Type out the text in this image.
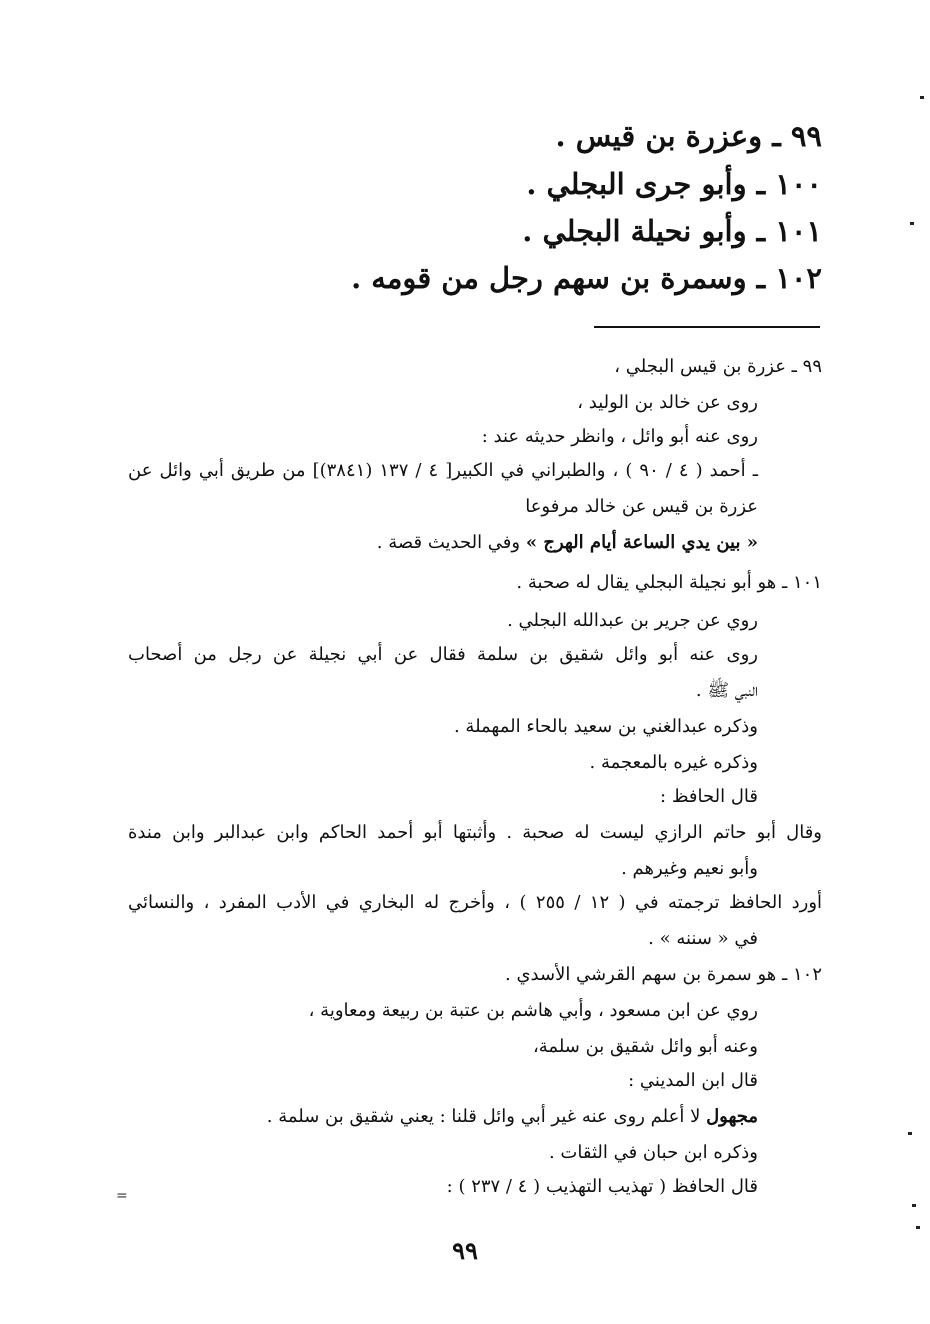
٩٩ ـ وعزرة بن قيس .
١٠٠ ـ وأبو جرى البجلي .
١٠١ ـ وأبو نحيلة البجلي .
١٠٢ ـ وسمرة بن سهم رجل من قومه .
٩٩ ـ عزرة بن قيس البجلي ،
روى عن خالد بن الوليد ،
روى عنه أبو وائل ، وانظر حديثه عند :
ـ أحمد ( ٤ / ٩٠ ) ، والطبراني في الكبير[ ٤ / ١٣٧ (٣٨٤١)] من طريق أبي وائل عن
عزرة بن قيس عن خالد مرفوعا
« بين يدي الساعة أيام الهرج » وفي الحديث قصة .
١٠١ ـ هو أبو نجيلة البجلي يقال له صحبة .
روي عن جرير بن عبدالله البجلي .
روى عنه أبو وائل شقيق بن سلمة فقال عن أبي نجيلة عن رجل من أصحاب
النبي ﷺ .
وذكره عبدالغني بن سعيد بالحاء المهملة .
وذكره غيره بالمعجمة .
قال الحافظ :
وقال أبو حاتم الرازي ليست له صحبة . وأثبتها أبو أحمد الحاكم وابن عبدالبر وابن مندة
وأبو نعيم وغيرهم .
أورد الحافظ ترجمته في ( ١٢ / ٢٥٥ ) ، وأخرج له البخاري في الأدب المفرد ، والنسائي
في « سننه » .
١٠٢ ـ هو سمرة بن سهم القرشي الأسدي .
روي عن ابن مسعود ، وأبي هاشم بن عتبة بن ربيعة ومعاوية ،
وعنه أبو وائل شقيق بن سلمة،
قال ابن المديني :
مجهول لا أعلم روى عنه غير أبي وائل قلنا : يعني شقيق بن سلمة .
وذكره ابن حبان في الثقات .
قال الحافظ ( تهذيب التهذيب ( ٤ / ٢٣٧ ) :
٩٩
=
